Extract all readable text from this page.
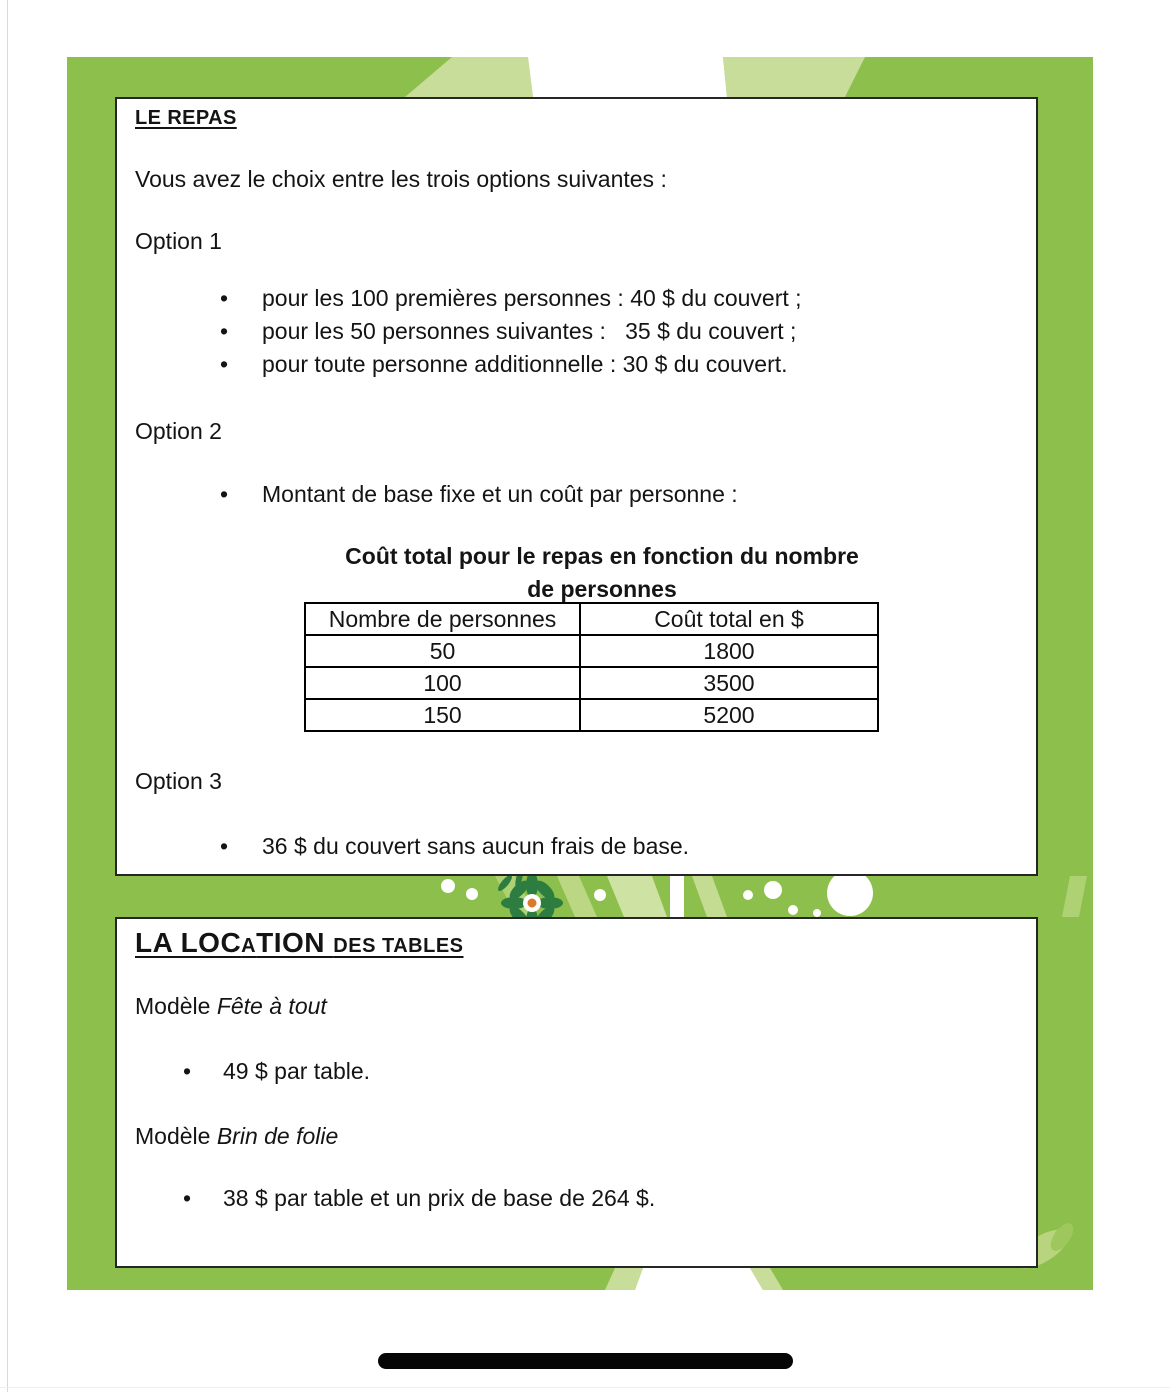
LE REPAS
Vous avez le choix entre les trois options suivantes :
Option 1
•	pour les 100 premières personnes : 40 $ du couvert ;
•	pour les 50 personnes suivantes :   35 $ du couvert ;
•	pour toute personne additionnelle : 30 $ du couvert.
Option 2
•	Montant de base fixe et un coût par personne :
Coût total pour le repas en fonction du nombre
de personnes
Nombre de personnes	Coût total en $
50	1800
100	3500
150	5200
Option 3
•	36 $ du couvert sans aucun frais de base.
LA LOCATION DES TABLES
Modèle Fête à tout
•	49 $ par table.
Modèle Brin de folie
•	38 $ par table et un prix de base de 264 $.
